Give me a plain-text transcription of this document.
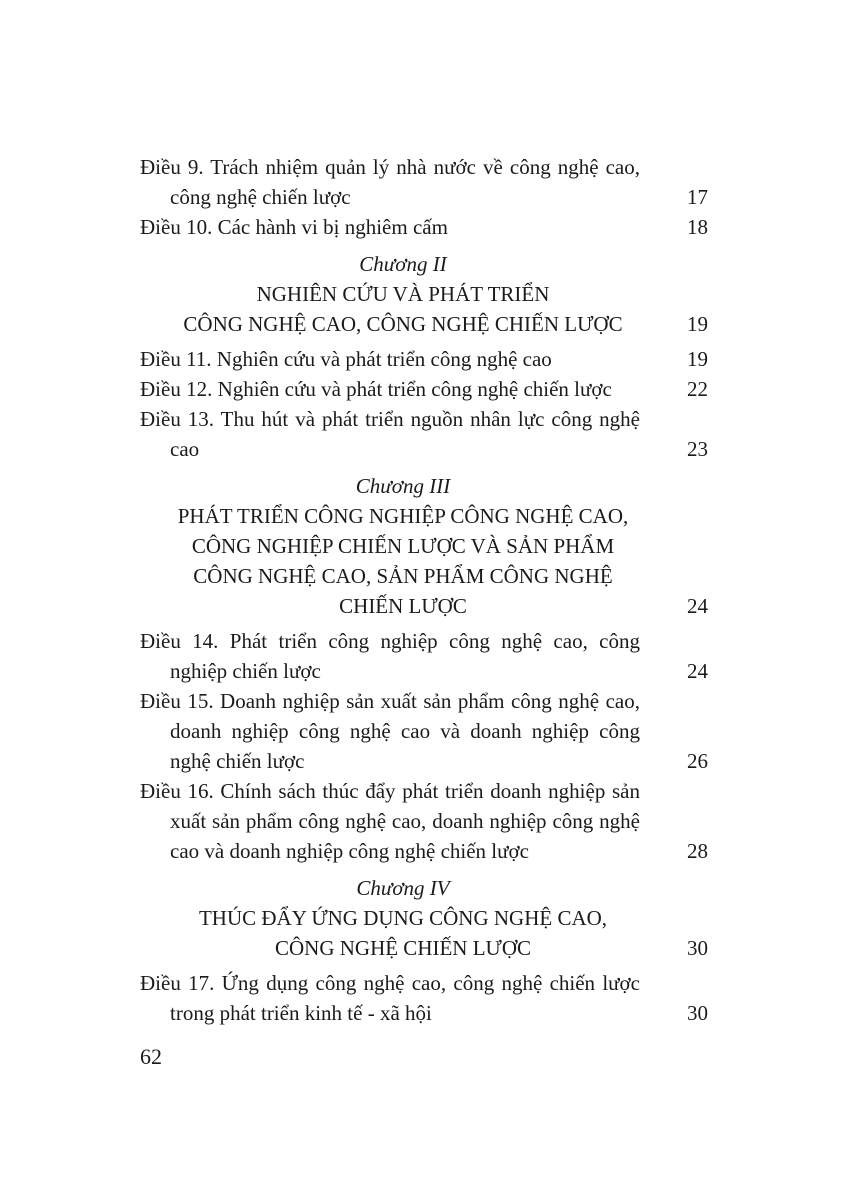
Điều 9. Trách nhiệm quản lý nhà nước về công nghệ cao, công nghệ chiến lược	17
Điều 10. Các hành vi bị nghiêm cấm	18
Chương II
NGHIÊN CỨU VÀ PHÁT TRIỂN
CÔNG NGHỆ CAO, CÔNG NGHỆ CHIẾN LƯỢC	19
Điều 11. Nghiên cứu và phát triển công nghệ cao	19
Điều 12. Nghiên cứu và phát triển công nghệ chiến lược	22
Điều 13. Thu hút và phát triển nguồn nhân lực công nghệ cao	23
Chương III
PHÁT TRIỂN CÔNG NGHIỆP CÔNG NGHỆ CAO,
CÔNG NGHIỆP CHIẾN LƯỢC VÀ SẢN PHẨM
CÔNG NGHỆ CAO, SẢN PHẨM CÔNG NGHỆ
CHIẾN LƯỢC	24
Điều 14. Phát triển công nghiệp công nghệ cao, công nghiệp chiến lược	24
Điều 15. Doanh nghiệp sản xuất sản phẩm công nghệ cao, doanh nghiệp công nghệ cao và doanh nghiệp công nghệ chiến lược	26
Điều 16. Chính sách thúc đẩy phát triển doanh nghiệp sản xuất sản phẩm công nghệ cao, doanh nghiệp công nghệ cao và doanh nghiệp công nghệ chiến lược	28
Chương IV
THÚC ĐẨY ỨNG DỤNG CÔNG NGHỆ CAO,
CÔNG NGHỆ CHIẾN LƯỢC	30
Điều 17. Ứng dụng công nghệ cao, công nghệ chiến lược trong phát triển kinh tế - xã hội	30
62
